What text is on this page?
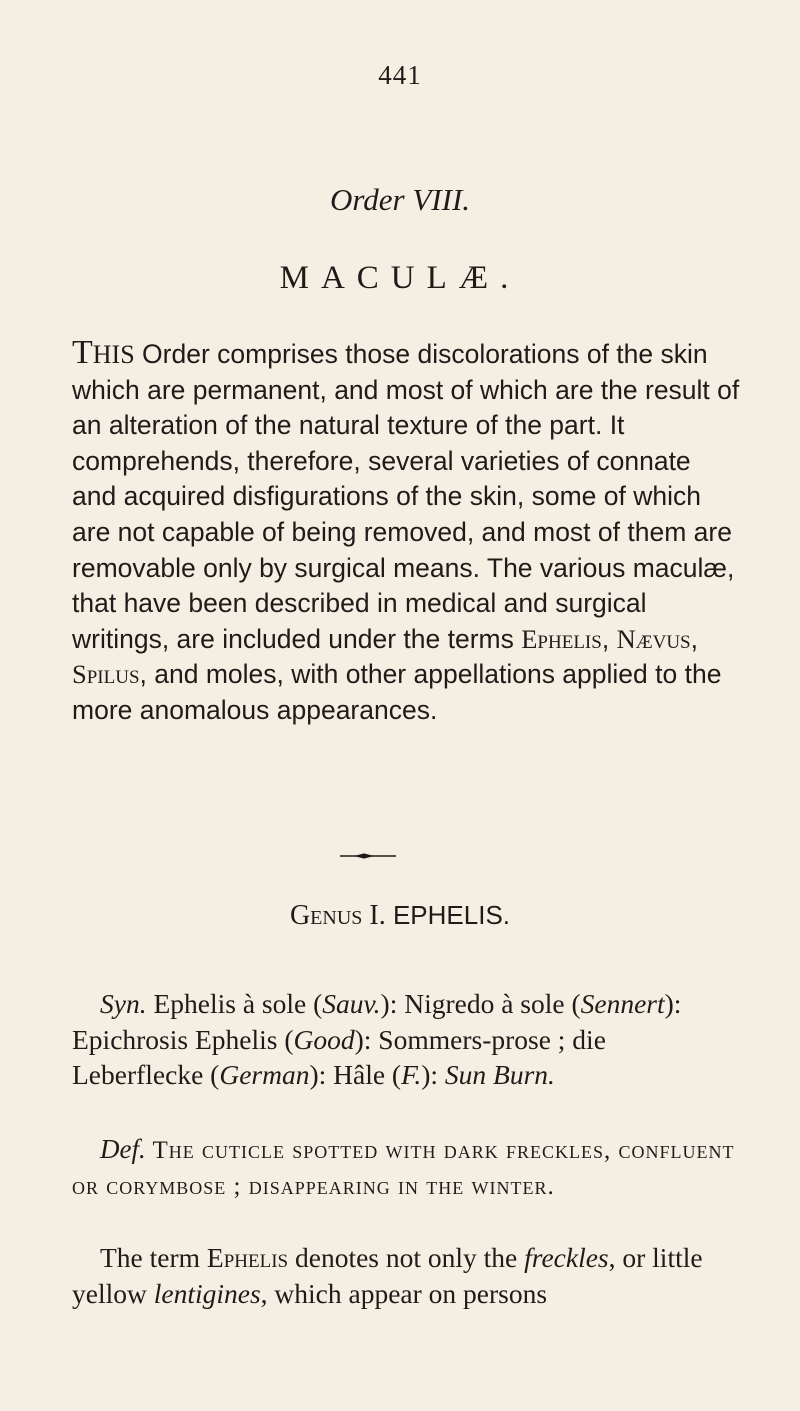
441
Order VIII.
MACULÆ.
THIS Order comprises those discolorations of the skin which are permanent, and most of which are the result of an alteration of the natural texture of the part. It comprehends, therefore, several varieties of connate and acquired disfigurations of the skin, some of which are not capable of being removed, and most of them are removable only by surgical means. The various maculæ, that have been described in medical and surgical writings, are included under the terms Ephelis, Nævus, Spilus, and moles, with other appellations applied to the more anomalous appearances.
Genus I. EPHELIS.
Syn. Ephelis à sole (Sauv.): Nigredo à sole (Sennert): Epichrosis Ephelis (Good): Sommers-prose ; die Leberflecke (German): Hâle (F.): Sun Burn.
Def. The cuticle spotted with dark freckles, confluent or corymbose ; disappearing in the winter.
The term Ephelis denotes not only the freckles, or little yellow lentigines, which appear on persons
